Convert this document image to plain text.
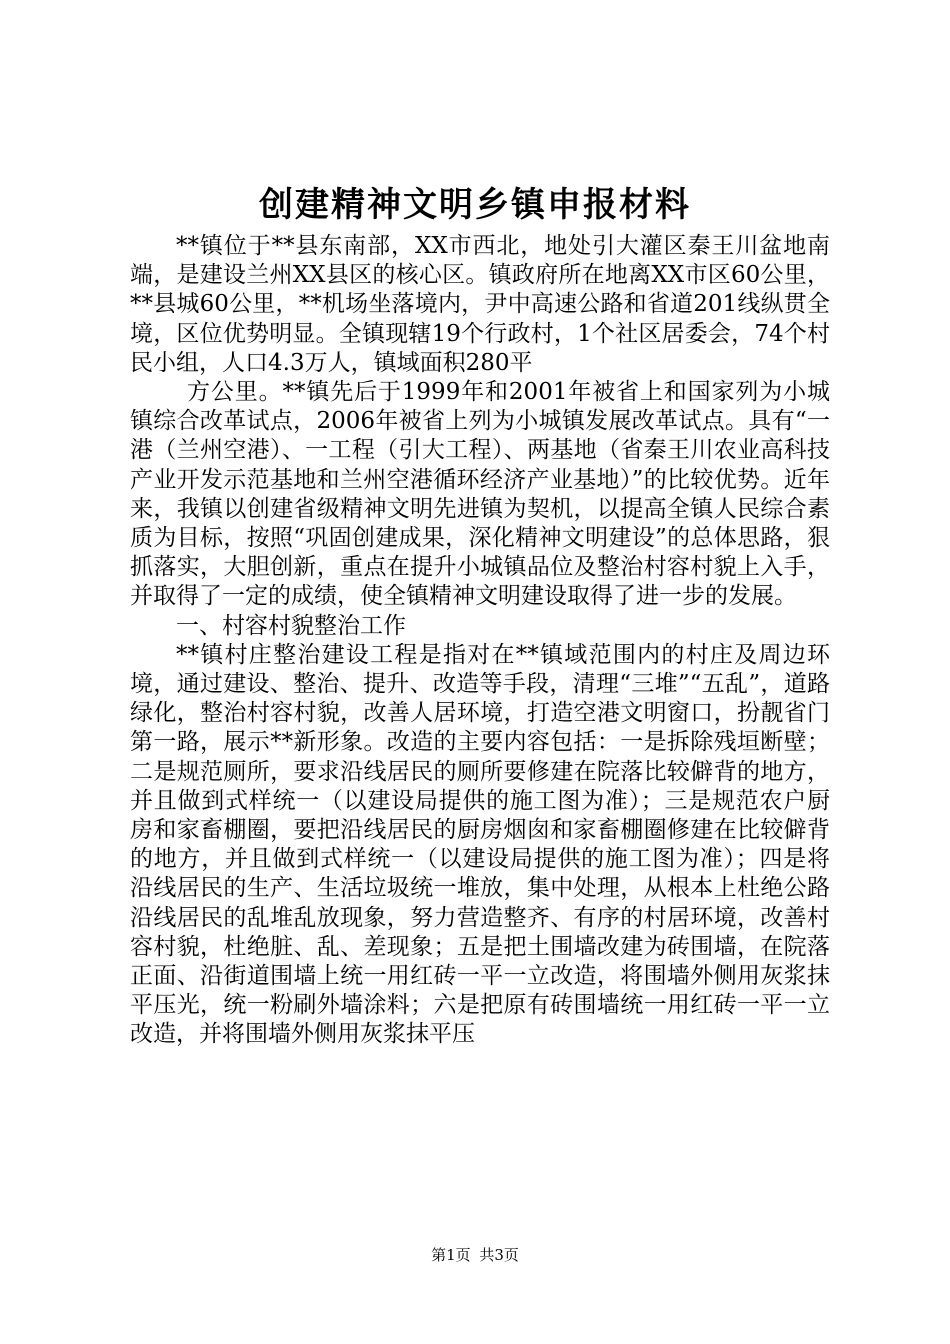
创建精神文明乡镇申报材料

**镇位于**县东南部，XX市西北，地处引大灌区秦王川盆地南端，是建设兰州XX县区的核心区。镇政府所在地离XX市区60公里，**县城60公里，**机场坐落境内，尹中高速公路和省道201线纵贯全境，区位优势明显。全镇现辖19个行政村，1个社区居委会，74个村民小组，人口4.3万人，镇域面积280平

方公里。**镇先后于1999年和2001年被省上和国家列为小城镇综合改革试点，2006年被省上列为小城镇发展改革试点。具有“一港（兰州空港）、一工程（引大工程）、两基地（省秦王川农业高科技产业开发示范基地和兰州空港循环经济产业基地）”的比较优势。近年来，我镇以创建省级精神文明先进镇为契机，以提高全镇人民综合素质为目标，按照“巩固创建成果，深化精神文明建设”的总体思路，狠抓落实，大胆创新，重点在提升小城镇品位及整治村容村貌上入手，并取得了一定的成绩，使全镇精神文明建设取得了进一步的发展。

一、村容村貌整治工作

**镇村庄整治建设工程是指对在**镇域范围内的村庄及周边环境，通过建设、整治、提升、改造等手段，清理“三堆”“五乱”，道路绿化，整治村容村貌，改善人居环境，打造空港文明窗口，扮靓省门第一路，展示**新形象。改造的主要内容包括：一是拆除残垣断壁；二是规范厕所，要求沿线居民的厕所要修建在院落比较僻背的地方，并且做到式样统一（以建设局提供的施工图为准）；三是规范农户厨房和家畜棚圈，要把沿线居民的厨房烟囱和家畜棚圈修建在比较僻背的地方，并且做到式样统一（以建设局提供的施工图为准）；四是将沿线居民的生产、生活垃圾统一堆放，集中处理，从根本上杜绝公路沿线居民的乱堆乱放现象，努力营造整齐、有序的村居环境，改善村容村貌，杜绝脏、乱、差现象；五是把土围墙改建为砖围墙，在院落正面、沿街道围墙上统一用红砖一平一立改造，将围墙外侧用灰浆抹平压光，统一粉刷外墙涂料；六是把原有砖围墙统一用红砖一平一立改造，并将围墙外侧用灰浆抹平压

第1页 共3页
